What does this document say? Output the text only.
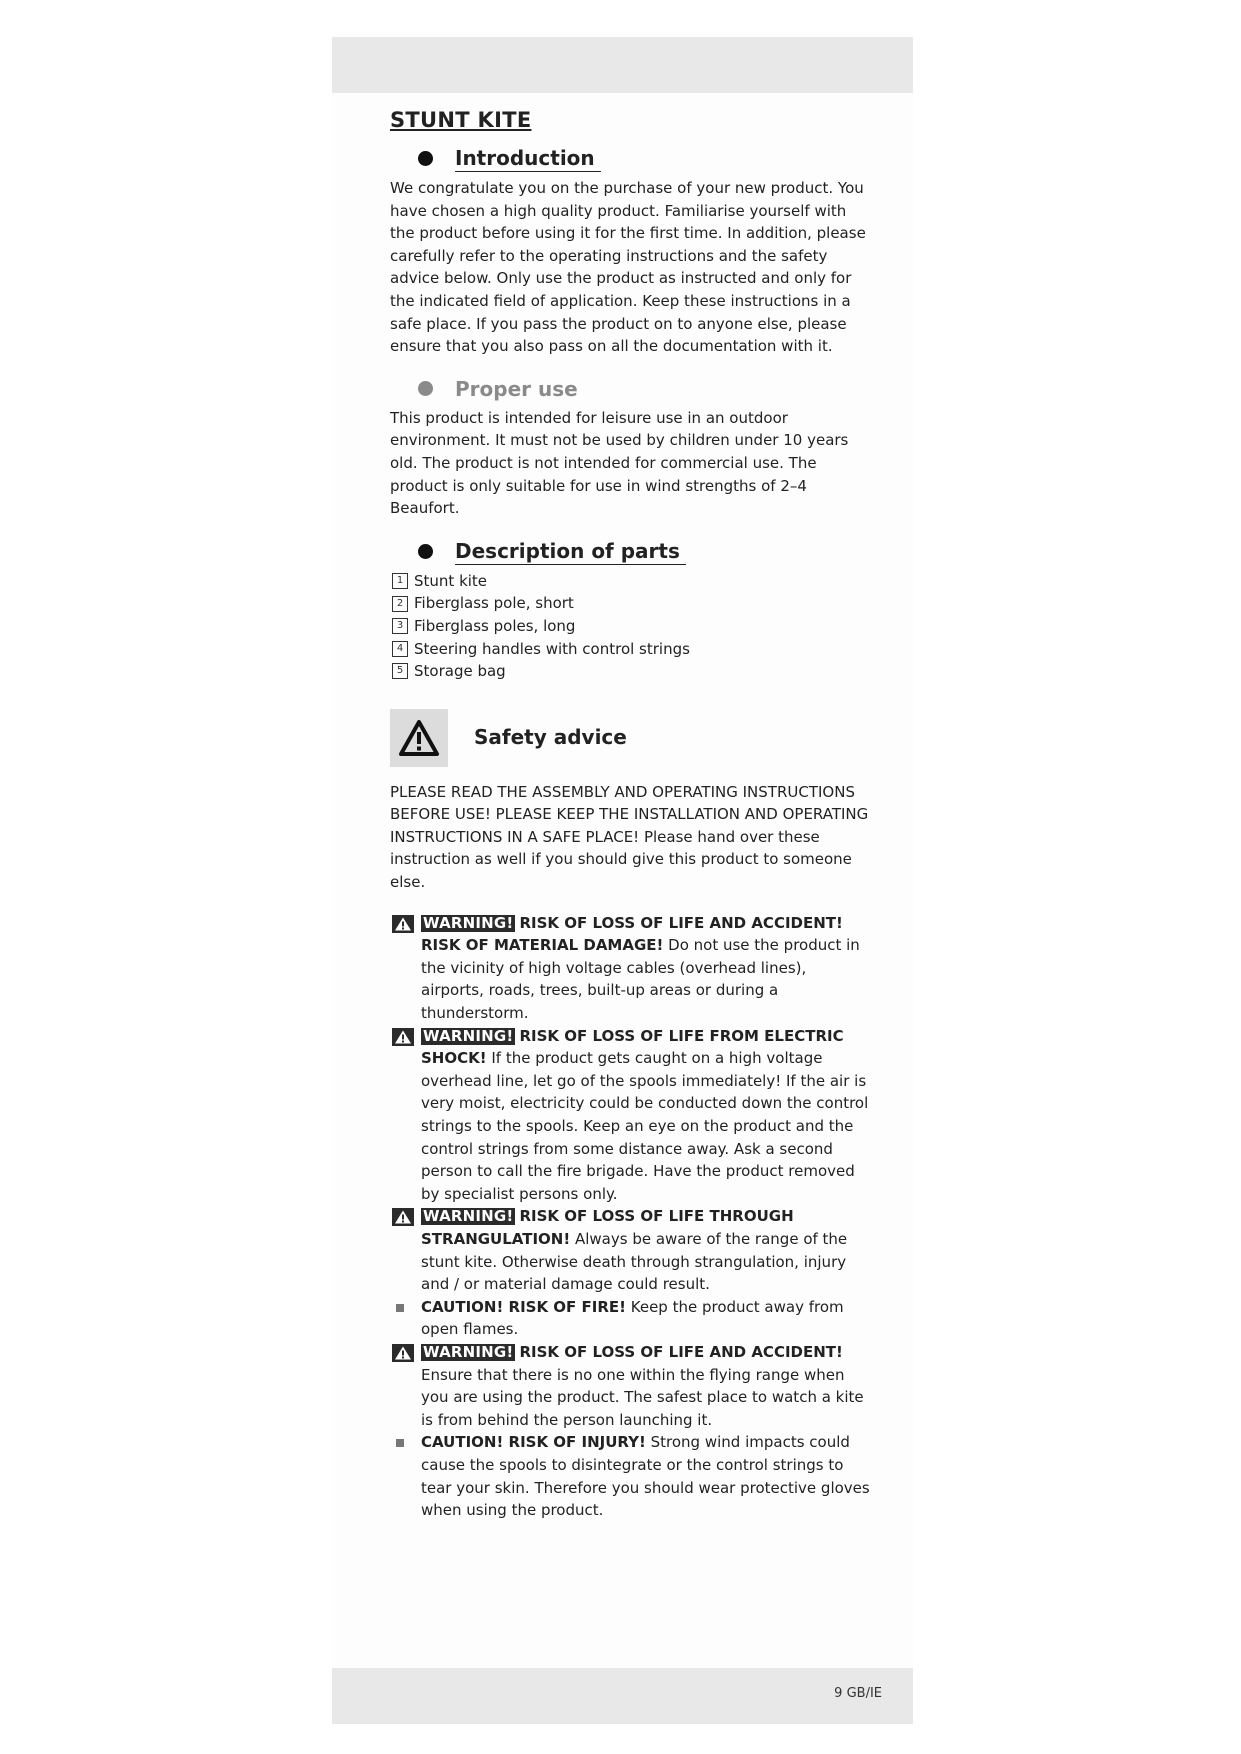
STUNT KITE
Introduction

We congratulate you on the purchase of your new product. You have chosen a high quality product. Familiarise yourself with the product before using it for the first time. In addition, please carefully refer to the operating instructions and the safety advice below. Only use the product as instructed and only for the indicated field of application. Keep these instructions in a safe place. If you pass the product on to anyone else, please ensure that you also pass on all the documentation with it.

Proper use

This product is intended for leisure use in an outdoor environment. It must not be used by children under 10 years old. The product is not intended for commercial use. The product is only suitable for use in wind strengths of 2–4 Beaufort.

Description of parts
1 Stunt kite
2 Fiberglass pole, short
3 Fiberglass poles, long
4 Steering handles with control strings
5 Storage bag
Safety advice
PLEASE READ THE ASSEMBLY AND OPERATING INSTRUCTIONS BEFORE USE! PLEASE KEEP THE INSTALLATION AND OPERATING INSTRUCTIONS IN A SAFE PLACE! Please hand over these instruction as well if you should give this product to someone else.
WARNING! RISK OF LOSS OF LIFE AND ACCIDENT! RISK OF MATERIAL DAMAGE! Do not use the product in the vicinity of high voltage cables (overhead lines), airports, roads, trees, built-up areas or during a thunderstorm.
WARNING! RISK OF LOSS OF LIFE FROM ELECTRIC SHOCK! If the product gets caught on a high voltage overhead line, let go of the spools immediately! If the air is very moist, electricity could be conducted down the control strings to the spools. Keep an eye on the product and the control strings from some distance away. Ask a second person to call the fire brigade. Have the product removed by specialist persons only.
WARNING! RISK OF LOSS OF LIFE THROUGH STRANGULATION! Always be aware of the range of the stunt kite. Otherwise death through strangulation, injury and / or material damage could result.
CAUTION! RISK OF FIRE! Keep the product away from open flames.
WARNING! RISK OF LOSS OF LIFE AND ACCIDENT! Ensure that there is no one within the flying range when you are using the product. The safest place to watch a kite is from behind the person launching it.
CAUTION! RISK OF INJURY! Strong wind impacts could cause the spools to disintegrate or the control strings to tear your skin. Therefore you should wear protective gloves when using the product.
9 GB/IE
